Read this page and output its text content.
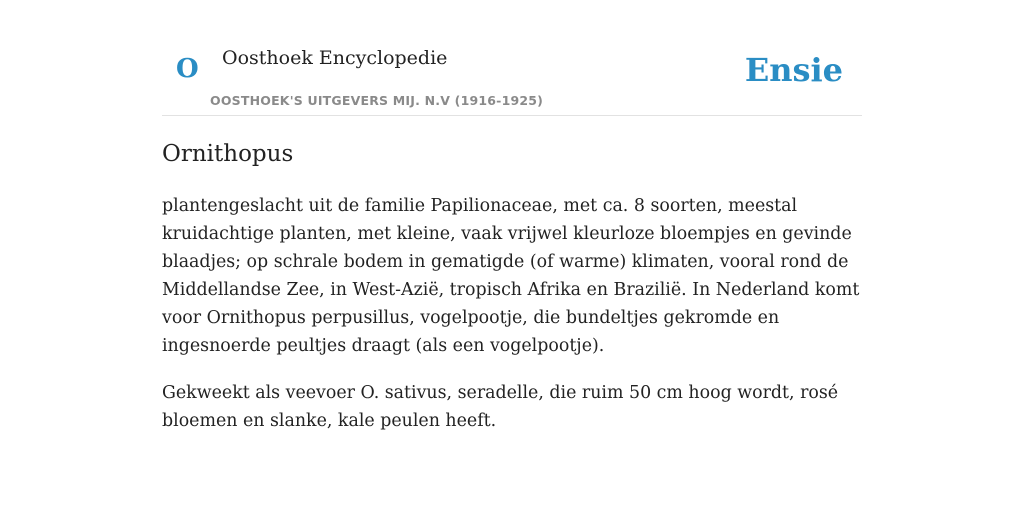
O Oosthoek Encyclopedie
OOSTHOEK'S UITGEVERS MIJ. N.V (1916-1925)
Ensie
Ornithopus

plantengeslacht uit de familie Papilionaceae, met ca. 8 soorten, meestal kruidachtige planten, met kleine, vaak vrijwel kleurloze bloempjes en gevinde blaadjes; op schrale bodem in gematigde (of warme) klimaten, vooral rond de Middellandse Zee, in West-Azië, tropisch Afrika en Brazilië. In Nederland komt voor Ornithopus perpusillus, vogelpootje, die bundeltjes gekromde en ingesnoerde peultjes draagt (als een vogelpootje).

Gekweekt als veevoer O. sativus, seradelle, die ruim 50 cm hoog wordt, rosé bloemen en slanke, kale peulen heeft.
